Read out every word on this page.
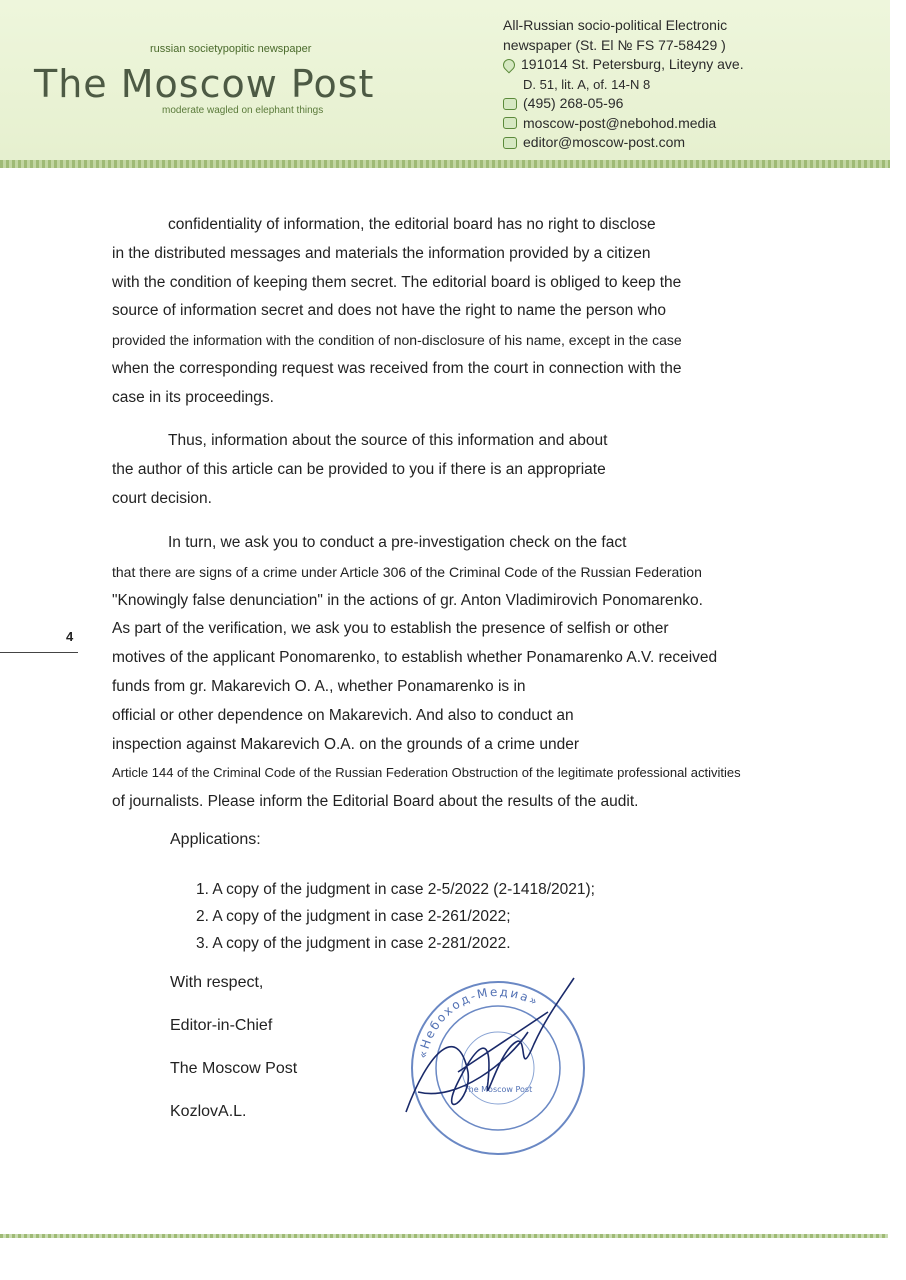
russian societypopitic newspaper
The Moscow Post
moderate wagled on elephant things
All-Russian socio-political Electronic
newspaper (St. El № FS 77-58429 )
191014 St. Petersburg, Liteyny ave.
D. 51, lit. A, of. 14-N 8
(495) 268-05-96
moscow-post@nebohod.media
editor@moscow-post.com

confidentiality of information, the editorial board has no right to disclose

in the distributed messages and materials the information provided by a citizen

with the condition of keeping them secret. The editorial board is obliged to keep the

source of information secret and does not have the right to name the person who

provided the information with the condition of non-disclosure of his name, except in the case

when the corresponding request was received from the court in connection with the

case in its proceedings.

Thus, information about the source of this information and about

the author of this article can be provided to you if there is an appropriate

court decision.

In turn, we ask you to conduct a pre-investigation check on the fact

that there are signs of a crime under Article 306 of the Criminal Code of the Russian Federation

"Knowingly false denunciation" in the actions of gr. Anton Vladimirovich Ponomarenko.

As part of the verification, we ask you to establish the presence of selfish or other

motives of the applicant Ponomarenko, to establish whether Ponamarenko A.V. received

funds from gr. Makarevich O. A., whether Ponamarenko is in

official or other dependence on Makarevich. And also to conduct an

inspection against Makarevich O.A. on the grounds of a crime under

Article 144 of the Criminal Code of the Russian Federation Obstruction of the legitimate professional activities

of journalists. Please inform the Editorial Board about the results of the audit.

4
Applications:
1. A copy of the judgment in case 2-5/2022 (2-1418/2021);
2. A copy of the judgment in case 2-261/2022;
3. A copy of the judgment in case 2-281/2022.
With respect,
Editor-in-Chief
The Moscow Post
KozlovA.L.
«Небоход-Медиа»
The Moscow Post
